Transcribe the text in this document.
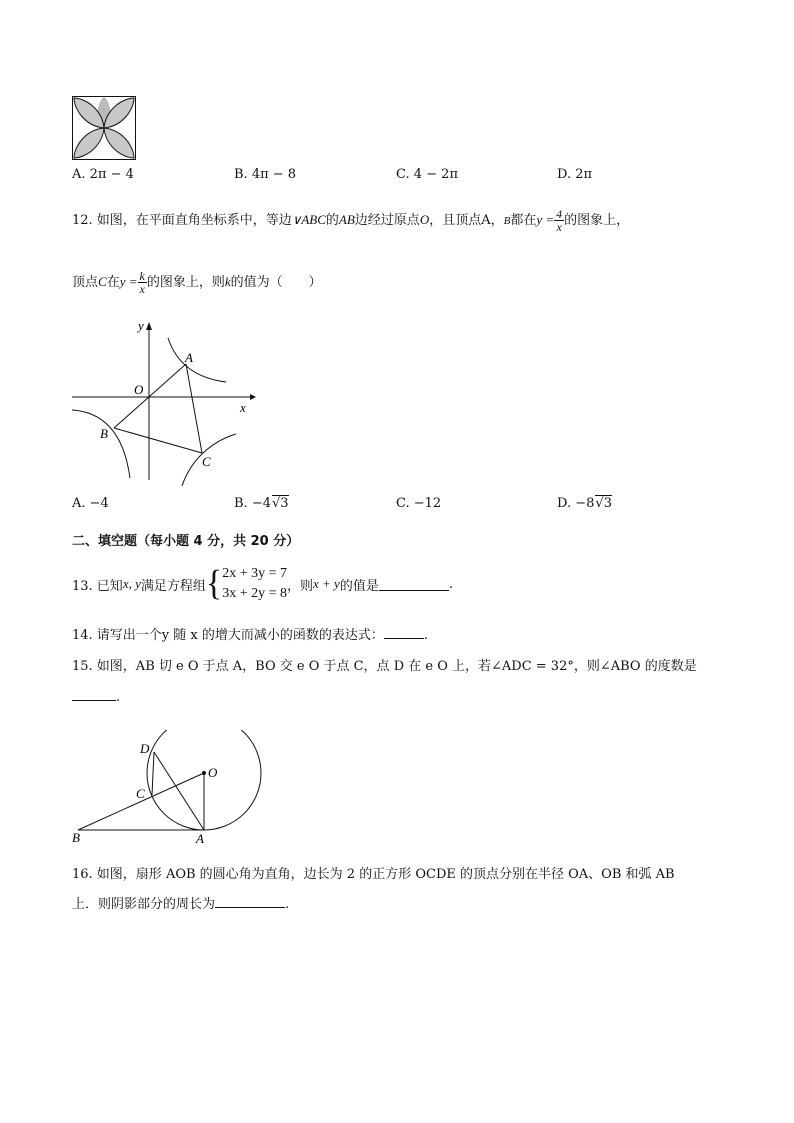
A. 2π − 4	B. 4π − 8	C. 4 − 2π	D. 2π
12. 如图，在平面直角坐标系中，等边∨ABC的AB边经过原点O，且顶点A，B都在$y = \frac{4}{x}$ 的图象上，
顶点C在$y = \frac{k}{x}$ 的图象上，则k的值为（　　）
y
x
O
A
B
C
A. −4	B. −4√3	C. −12	D. −8√3
二、填空题（每小题 4 分，共 20 分）
13. 已知 x, y 满足方程组 { 2x + 3y = 7
3x + 2y = 8 ，则 x + y 的值是	.
14. 请写出一个y 随 x 的增大而减小的函数的表达式：	.
15. 如图，AB 切 e O 于点 A，BO 交 e O 于点 C，点 D 在 e O 上，若∠ADC = 32°，则∠ABO 的度数是
.
D
O
C
B	A
16. 如图，扇形 AOB 的圆心角为直角，边长为 2 的正方形 OCDE 的顶点分别在半径 OA、OB 和弧 AB
上．则阴影部分的周长为	.
